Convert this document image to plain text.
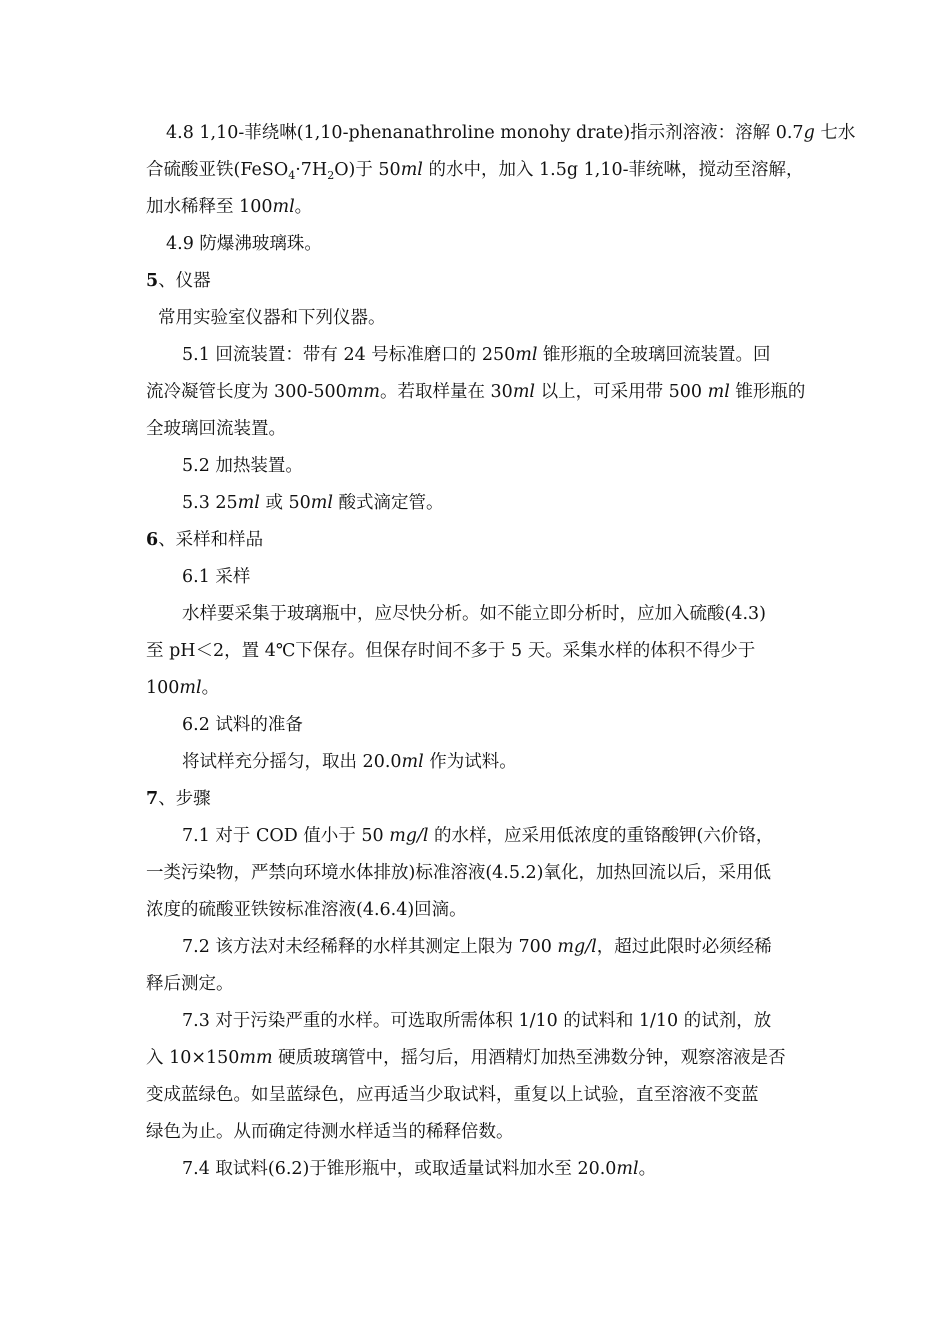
4.8 1,10-菲绕啉(1,10-phenanathroline monohy drate)指示剂溶液：溶解 0.7g 七水
合硫酸亚铁$(FeSO_4\cdot 7H_2O)$于 50ml 的水中，加入 1.5g 1,10-菲统啉，搅动至溶解，
加水稀释至 100ml。
4.9 防爆沸玻璃珠。
5、仪器
常用实验室仪器和下列仪器。
5.1 回流装置：带有 24 号标准磨口的 250ml 锥形瓶的全玻璃回流装置。回
流冷凝管长度为 300-500mm。若取样量在 30ml 以上，可采用带 500 ml 锥形瓶的
全玻璃回流装置。
5.2 加热装置。
5.3 25ml 或 50ml 酸式滴定管。
6、采样和样品
6.1 采样
水样要采集于玻璃瓶中，应尽快分析。如不能立即分析时，应加入硫酸(4.3)
至 pH＜2，置 4℃下保存。但保存时间不多于 5 天。采集水样的体积不得少于
100ml。
6.2 试料的准备
将试样充分摇匀，取出 20.0ml 作为试料。
7、步骤
7.1 对于 COD 值小于 50 mg/l 的水样，应采用低浓度的重铬酸钾(六价铬，
一类污染物，严禁向环境水体排放)标准溶液(4.5.2)氧化，加热回流以后，采用低
浓度的硫酸亚铁铵标准溶液(4.6.4)回滴。
7.2 该方法对未经稀释的水样其测定上限为 700 mg/l，超过此限时必须经稀
释后测定。
7.3 对于污染严重的水样。可选取所需体积 1/10 的试料和 1/10 的试剂，放
入 10×150mm 硬质玻璃管中，摇匀后，用酒精灯加热至沸数分钟，观察溶液是否
变成蓝绿色。如呈蓝绿色，应再适当少取试料，重复以上试验，直至溶液不变蓝
绿色为止。从而确定待测水样适当的稀释倍数。
7.4 取试料(6.2)于锥形瓶中，或取适量试料加水至 20.0ml。
